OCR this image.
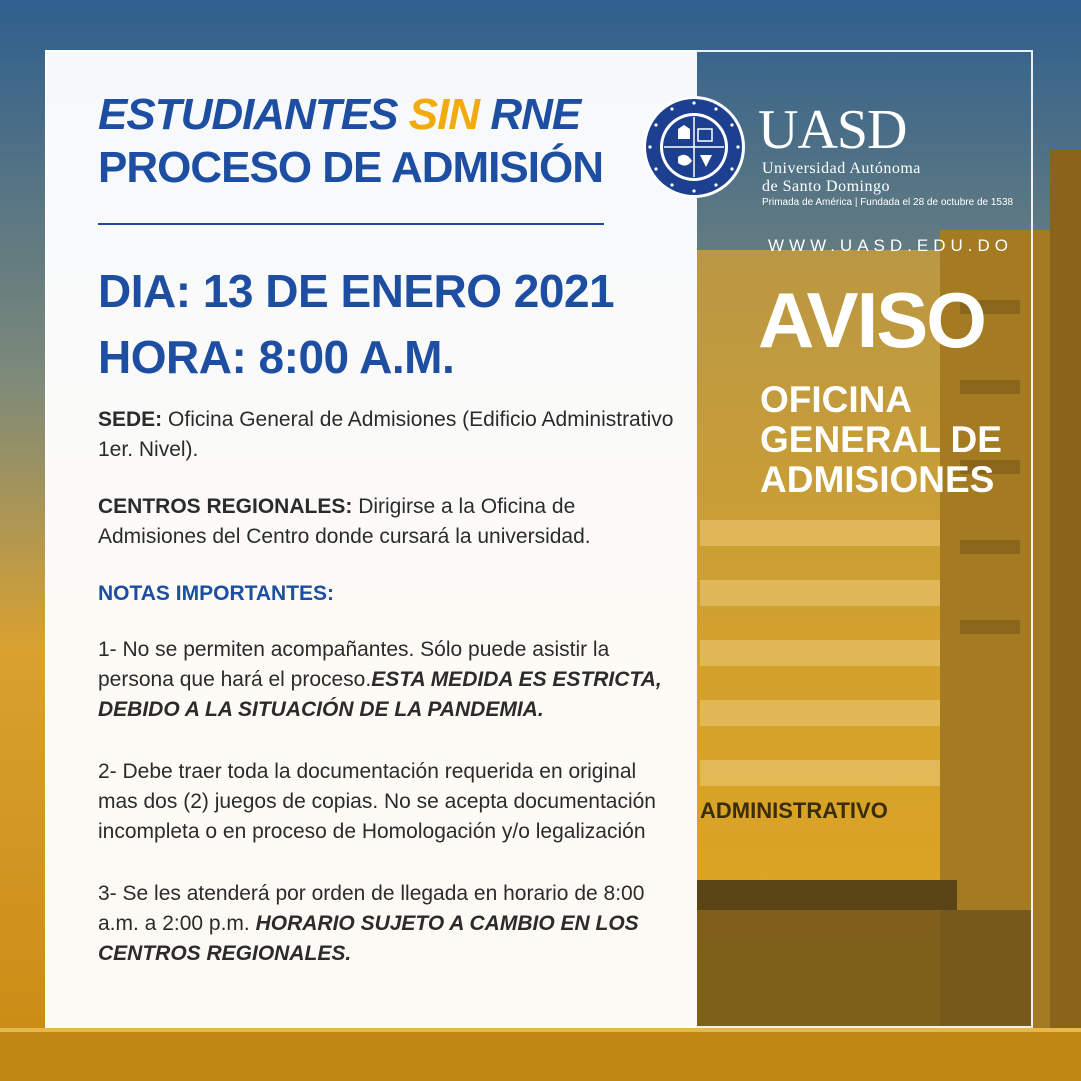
ADMINISTRATIVO
ESTUDIANTES SIN RNE
PROCESO DE ADMISIÓN
DIA: 13 DE ENERO 2021
HORA: 8:00 A.M.
SEDE: Oficina General de Admisiones (Edificio Administrativo 1er. Nivel).
CENTROS REGIONALES: Dirigirse a la Oficina de Admisiones del Centro donde cursará la universidad.
NOTAS IMPORTANTES:
1- No se permiten acompañantes. Sólo puede asistir la persona que hará el proceso.ESTA MEDIDA ES ESTRICTA, DEBIDO A LA SITUACIÓN DE LA PANDEMIA.
2- Debe traer toda la documentación requerida en original mas dos (2) juegos de copias. No se acepta documentación incompleta o en proceso de Homologación y/o legalización
3- Se les atenderá por orden de llegada en horario de 8:00 a.m. a 2:00 p.m. HORARIO SUJETO A CAMBIO EN LOS CENTROS REGIONALES.
UASD
Universidad Autónoma
de Santo Domingo
Primada de América | Fundada el 28 de octubre de 1538
WWW.UASD.EDU.DO
AVISO
OFICINA GENERAL DE ADMISIONES
